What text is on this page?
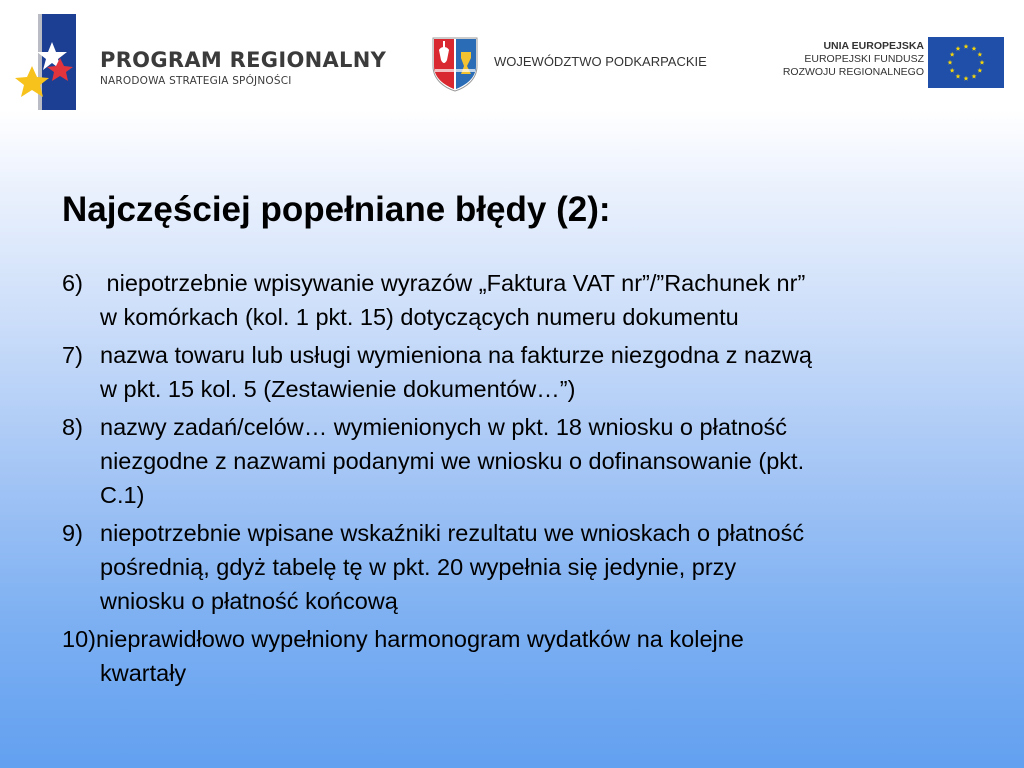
PROGRAM REGIONALNY
NARODOWA STRATEGIA SPÓJNOŚCI
WOJEWÓDZTWO PODKARPACKIE
UNIA EUROPEJSKA
EUROPEJSKI FUNDUSZ
ROZWOJU REGIONALNEGO
Najczęściej popełniane błędy (2):
6) niepotrzebnie wpisywanie wyrazów „Faktura VAT nr”/”Rachunek nr”
w komórkach (kol. 1 pkt. 15) dotyczących numeru dokumentu
7) nazwa towaru lub usługi wymieniona na fakturze niezgodna z nazwą
w pkt. 15 kol. 5 (Zestawienie dokumentów…”)
8) nazwy zadań/celów… wymienionych w pkt. 18 wniosku o płatność
niezgodne z nazwami podanymi we wniosku o dofinansowanie (pkt.
C.1)
9) niepotrzebnie wpisane wskaźniki rezultatu we wnioskach o płatność
pośrednią, gdyż tabelę tę w pkt. 20 wypełnia się jedynie, przy
wniosku o płatność końcową
10)nieprawidłowo wypełniony harmonogram wydatków na kolejne
kwartały
